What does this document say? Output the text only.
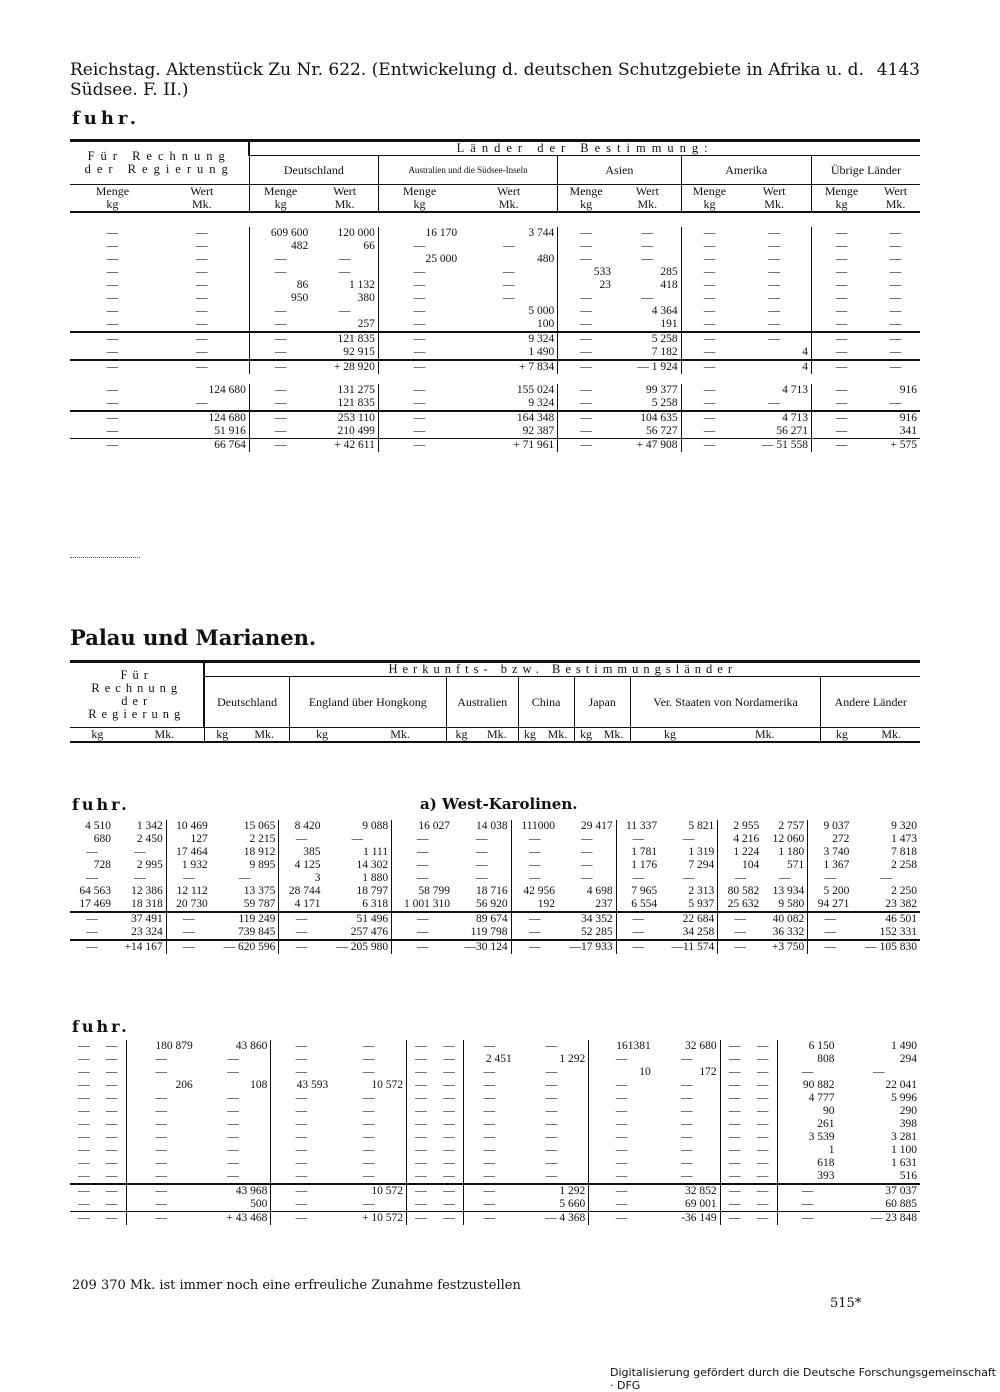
Reichstag. Aktenstück Zu Nr. 622. (Entwickelung d. deutschen Schutzgebiete in Afrika u. d. Südsee. F. II.)
4143
fuhr.
Für Rechnung der Regierung		Länder der Bestimmung:									
		Deutschland		Australien und die Südsee-Inseln		Asien		Amerika		Übrige Länder	

Menge	Wert	Menge	Wert	Menge	Wert	Menge	Wert	Menge	Wert	Menge	Wert
kg	Mk.	kg	Mk.	kg	Mk.	kg	Mk.	kg	Mk.	kg	Mk.

—	—	609 600	120 000	16 170	3 744	—	—	—	—	—	—
—	—	482	66	—	—	—	—	—	—	—	—
—	—	—	—	25 000	480	—	—	—	—	—	—
—	—	—	—	—	—	533	285	—	—	—	—
—	—	86	1 132	—	—	23	418	—	—	—	—
—	—	950	380	—	—	—	—	—	—	—	—
—	—	—	—	—	5 000	—	4 364	—	—	—	—
—	—	—	257	—	100	—	191	—	—	—	—
—	—	—	121 835	—	9 324	—	5 258	—	—	—	—
—	—	—	92 915	—	1 490	—	7 182	—	4	—	—
—	—	—	+ 28 920	—	+ 7 834	—	— 1 924	—	4	—	—

—	124 680	—	131 275	—	155 024	—	99 377	—	4 713	—	916
—	—	—	121 835	—	9 324	—	5 258	—	—	—	—
—	124 680	—	253 110	—	164 348	—	104 635	—	4 713	—	916
—	51 916	—	210 499	—	92 387	—	56 727	—	56 271	—	341
—	66 764	—	+ 42 611	—	+ 71 961	—	+ 47 908	—	— 51 558	—	+ 575
Palau und Marianen.
Für Rechnung der Regierung		Herkunfts- bzw. Bestimmungsländer													
		Deutschland		England über Hongkong		Australien		China		Japan		Ver. Staaten von Nordamerika		Andere Länder	
kg	Mk.	kg	Mk.	kg	Mk.	kg	Mk.	kg	Mk.	kg	Mk.	kg	Mk.	kg	Mk.
fuhr.	a) West-Karolinen.
4 510	1 342	10 469	15 065	8 420	9 088	16 027	14 038	111000	29 417	11 337	5 821	2 955	2 757	9 037	9 320
680	2 450	127	2 215	—	—	—	—	—	—	—	—	4 216	12 060	272	1 473
—	—	17 464	18 912	385	1 111	—	—	—	—	1 781	1 319	1 224	1 180	3 740	7 818
728	2 995	1 932	9 895	4 125	14 302	—	—	—	—	1 176	7 294	104	571	1 367	2 258
—	—	—	—	3	1 880	—	—	—	—	—	—	—	—	—	—
64 563	12 386	12 112	13 375	28 744	18 797	58 799	18 716	42 956	4 698	7 965	2 313	80 582	13 934	5 200	2 250
17 469	18 318	20 730	59 787	4 171	6 318	1 001 310	56 920	192	237	6 554	5 937	25 632	9 580	94 271	23 382
—	37 491	—	119 249	—	51 496	—	89 674	—	34 352	—	22 684	—	40 082	—	46 501
—	23 324	—	739 845	—	257 476	—	119 798	—	52 285	—	34 258	—	36 332	—	152 331
—	+14 167	—	— 620 596	—	— 205 980	—	—30 124	—	—17 933	—	—11 574	—	+3 750	—	— 105 830
fuhr.
—	—	180 879	43 860	—	—	—	—	—	—	161381	32 680	—	—	6 150	1 490
—	—	—	—	—	—	—	—	2 451	1 292	—	—	—	—	808	294
—	—	—	—	—	—	—	—	—	—	10	172	—	—	—	—
—	—	206	108	43 593	10 572	—	—	—	—	—	—	—	—	90 882	22 041
—	—	—	—	—	—	—	—	—	—	—	—	—	—	4 777	5 996
—	—	—	—	—	—	—	—	—	—	—	—	—	—	90	290
—	—	—	—	—	—	—	—	—	—	—	—	—	—	261	398
—	—	—	—	—	—	—	—	—	—	—	—	—	—	3 539	3 281
—	—	—	—	—	—	—	—	—	—	—	—	—	—	1	1 100
—	—	—	—	—	—	—	—	—	—	—	—	—	—	618	1 631
—	—	—	—	—	—	—	—	—	—	—	—	—	—	393	516
—	—	—	43 968	—	10 572	—	—	—	1 292	—	32 852	—	—	—	37 037
—	—	—	500	—	—	—	—	—	5 660	—	69 001	—	—	—	60 885
—	—	—	+ 43 468	—	+ 10 572	—	—	—	— 4 368	—	-36 149	—	—	—	— 23 848
209 370 Mk. ist immer noch eine erfreuliche Zunahme festzustellen
515*
Digitalisierung gefördert durch die Deutsche Forschungsgemeinschaft · DFG
